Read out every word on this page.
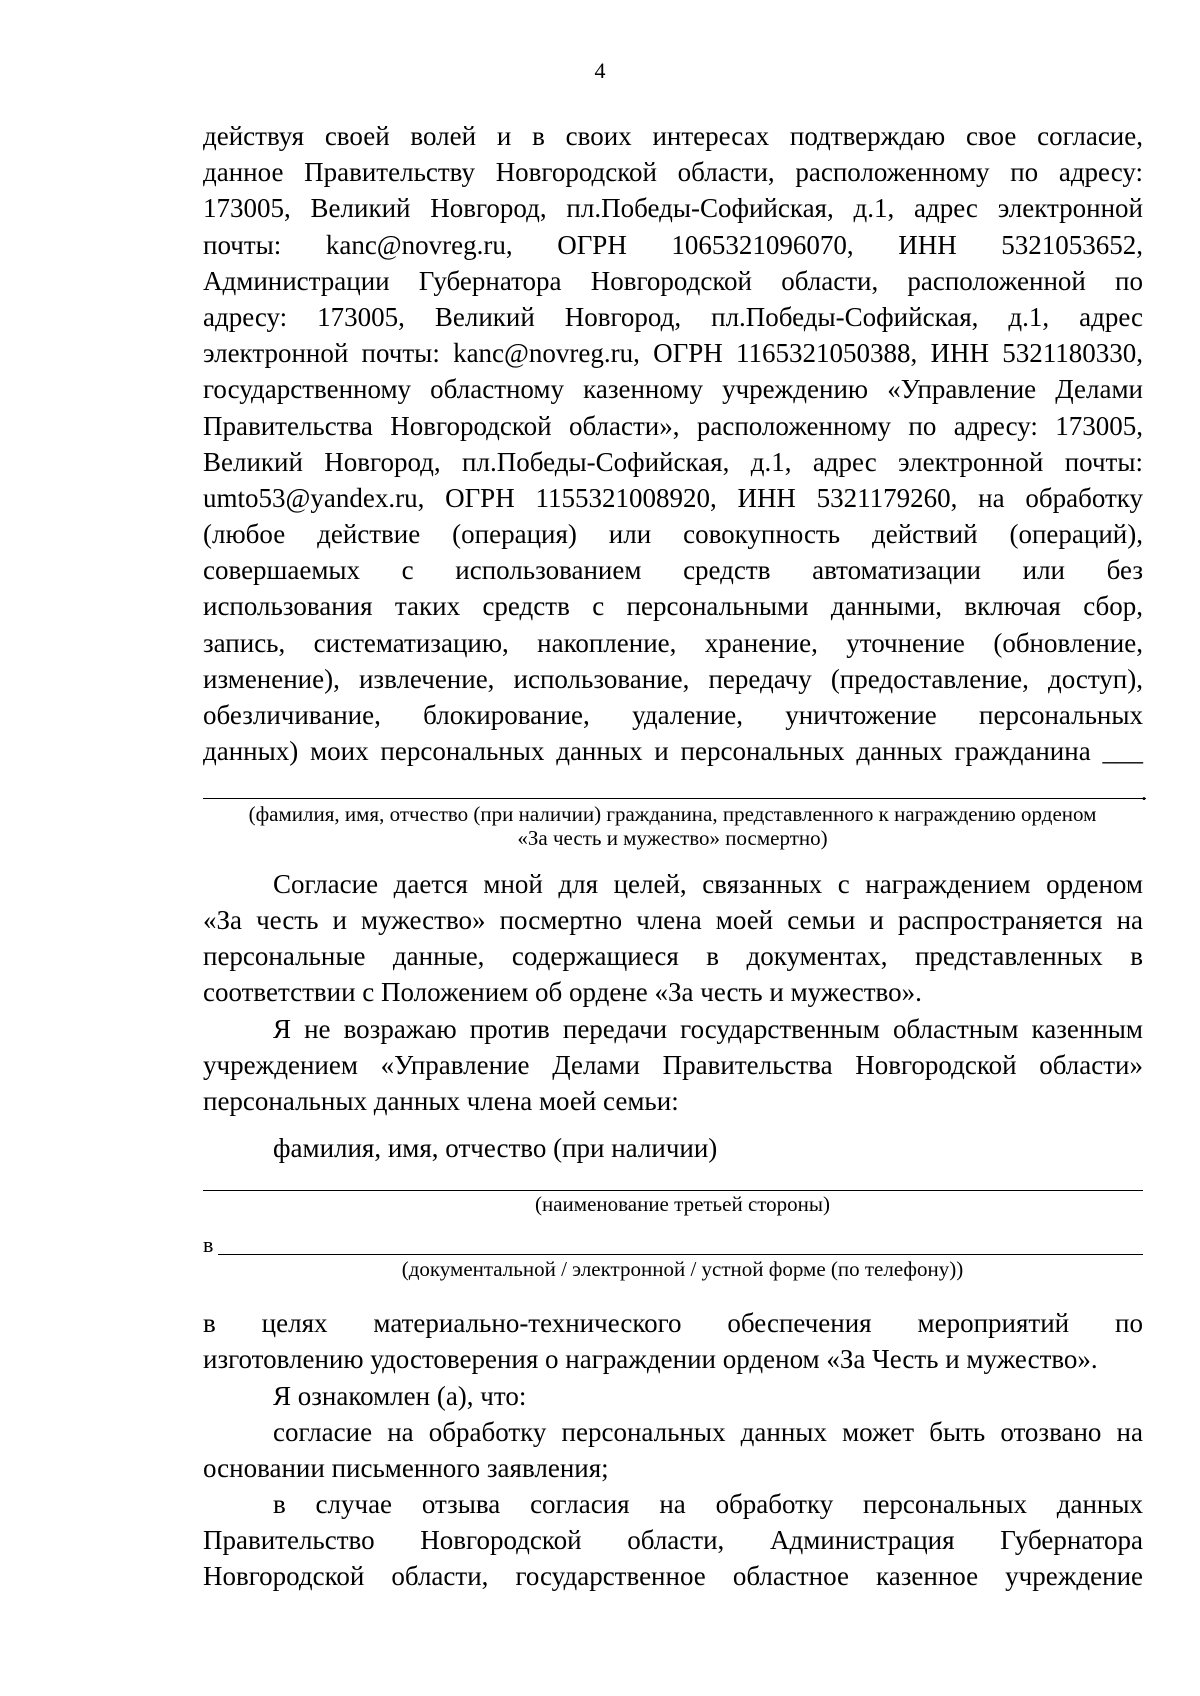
4
действуя своей волей и в своих интересах подтверждаю свое согласие,
данное Правительству Новгородской области, расположенному по адресу:
173005, Великий Новгород, пл.Победы-Софийская, д.1, адрес электронной
почты: kanc@novreg.ru, ОГРН 1065321096070, ИНН 5321053652,
Администрации Губернатора Новгородской области, расположенной по
адресу: 173005, Великий Новгород, пл.Победы-Софийская, д.1, адрес
электронной почты: kanc@novreg.ru, ОГРН 1165321050388, ИНН 5321180330,
государственному областному казенному учреждению «Управление Делами
Правительства Новгородской области», расположенному по адресу: 173005,
Великий Новгород, пл.Победы-Софийская, д.1, адрес электронной почты:
umto53@yandex.ru, ОГРН 1155321008920, ИНН 5321179260, на обработку
(любое действие (операция) или совокупность действий (операций),
совершаемых с использованием средств автоматизации или без
использования таких средств с персональными данными, включая сбор,
запись, систематизацию, накопление, хранение, уточнение (обновление,
изменение), извлечение, использование, передачу (предоставление, доступ),
обезличивание, блокирование, удаление, уничтожение персональных
данных) моих персональных данных и персональных данных гражданина ___
.
(фамилия, имя, отчество (при наличии) гражданина, представленного к награждению орденом
«За честь и мужество» посмертно)
Согласие дается мной для целей, связанных с награждением орденом
«За честь и мужество» посмертно члена моей семьи и распространяется на
персональные данные, содержащиеся в документах, представленных в
соответствии с Положением об ордене «За честь и мужество».
Я не возражаю против передачи государственным областным казенным
учреждением «Управление Делами Правительства Новгородской области»
персональных данных члена моей семьи:
фамилия, имя, отчество (при наличии)
(наименование третьей стороны)
в
(документальной / электронной / устной форме (по телефону))
в целях материально-технического обеспечения мероприятий по
изготовлению удостоверения о награждении орденом «За Честь и мужество».
Я ознакомлен (а), что:
согласие на обработку персональных данных может быть отозвано на
основании письменного заявления;
в случае отзыва согласия на обработку персональных данных
Правительство Новгородской области, Администрация Губернатора
Новгородской области, государственное областное казенное учреждение
